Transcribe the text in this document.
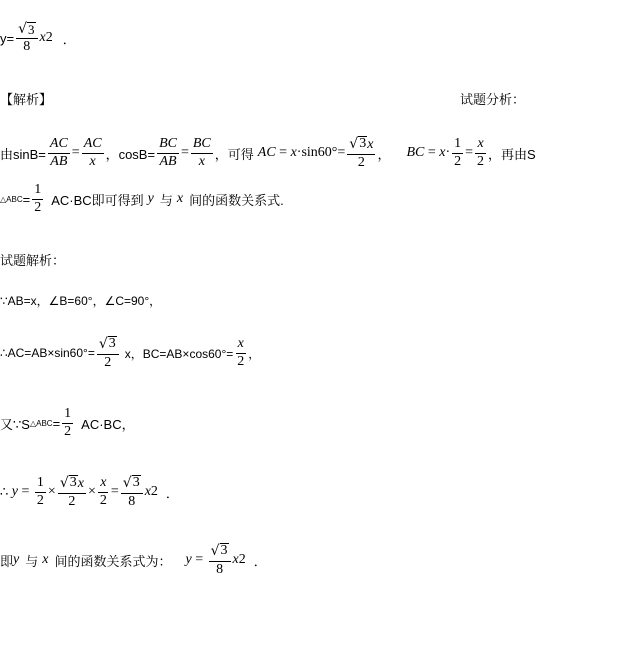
$y= \frac{√ 3}{8}$ x 2 ．
【解析】	试题分析：
由$\sin B= \frac{AC}{AB} = \frac{AC}{x}$ ，$\cos B= \frac{BC}{AB} = \frac{BC}{x}$ ，可得 AC = $x \cdot\sin 60^\circ= \frac{√ 3 x}{2}$ ， BC = $x \cdot \frac{1}{2} = \frac{x}{2}$ ，再由S
△ABC = $\frac{1}{2} AC\cdot BC$即可得到 y 与 x 间的函数关系式.
试题解析：
∵AB=x，∠B=60°，∠C=90°，
∴AC=AB×sin60°= $\frac{√ 3}{2}$ x，$BC=AB\times\cos 60^\circ= \frac{x}{2}$ ，
又∵S △ABC = $\frac{1}{2} AC\cdot BC$，
∴ $y = \frac{1}{2} \times \frac{√ 3 x}{2} \times \frac{x}{2} = \frac{√ 3}{8}$ x 2 ．
即 y 与 x 间的函数关系式为： $y = \frac{√ 3}{8}$ x 2 ．
